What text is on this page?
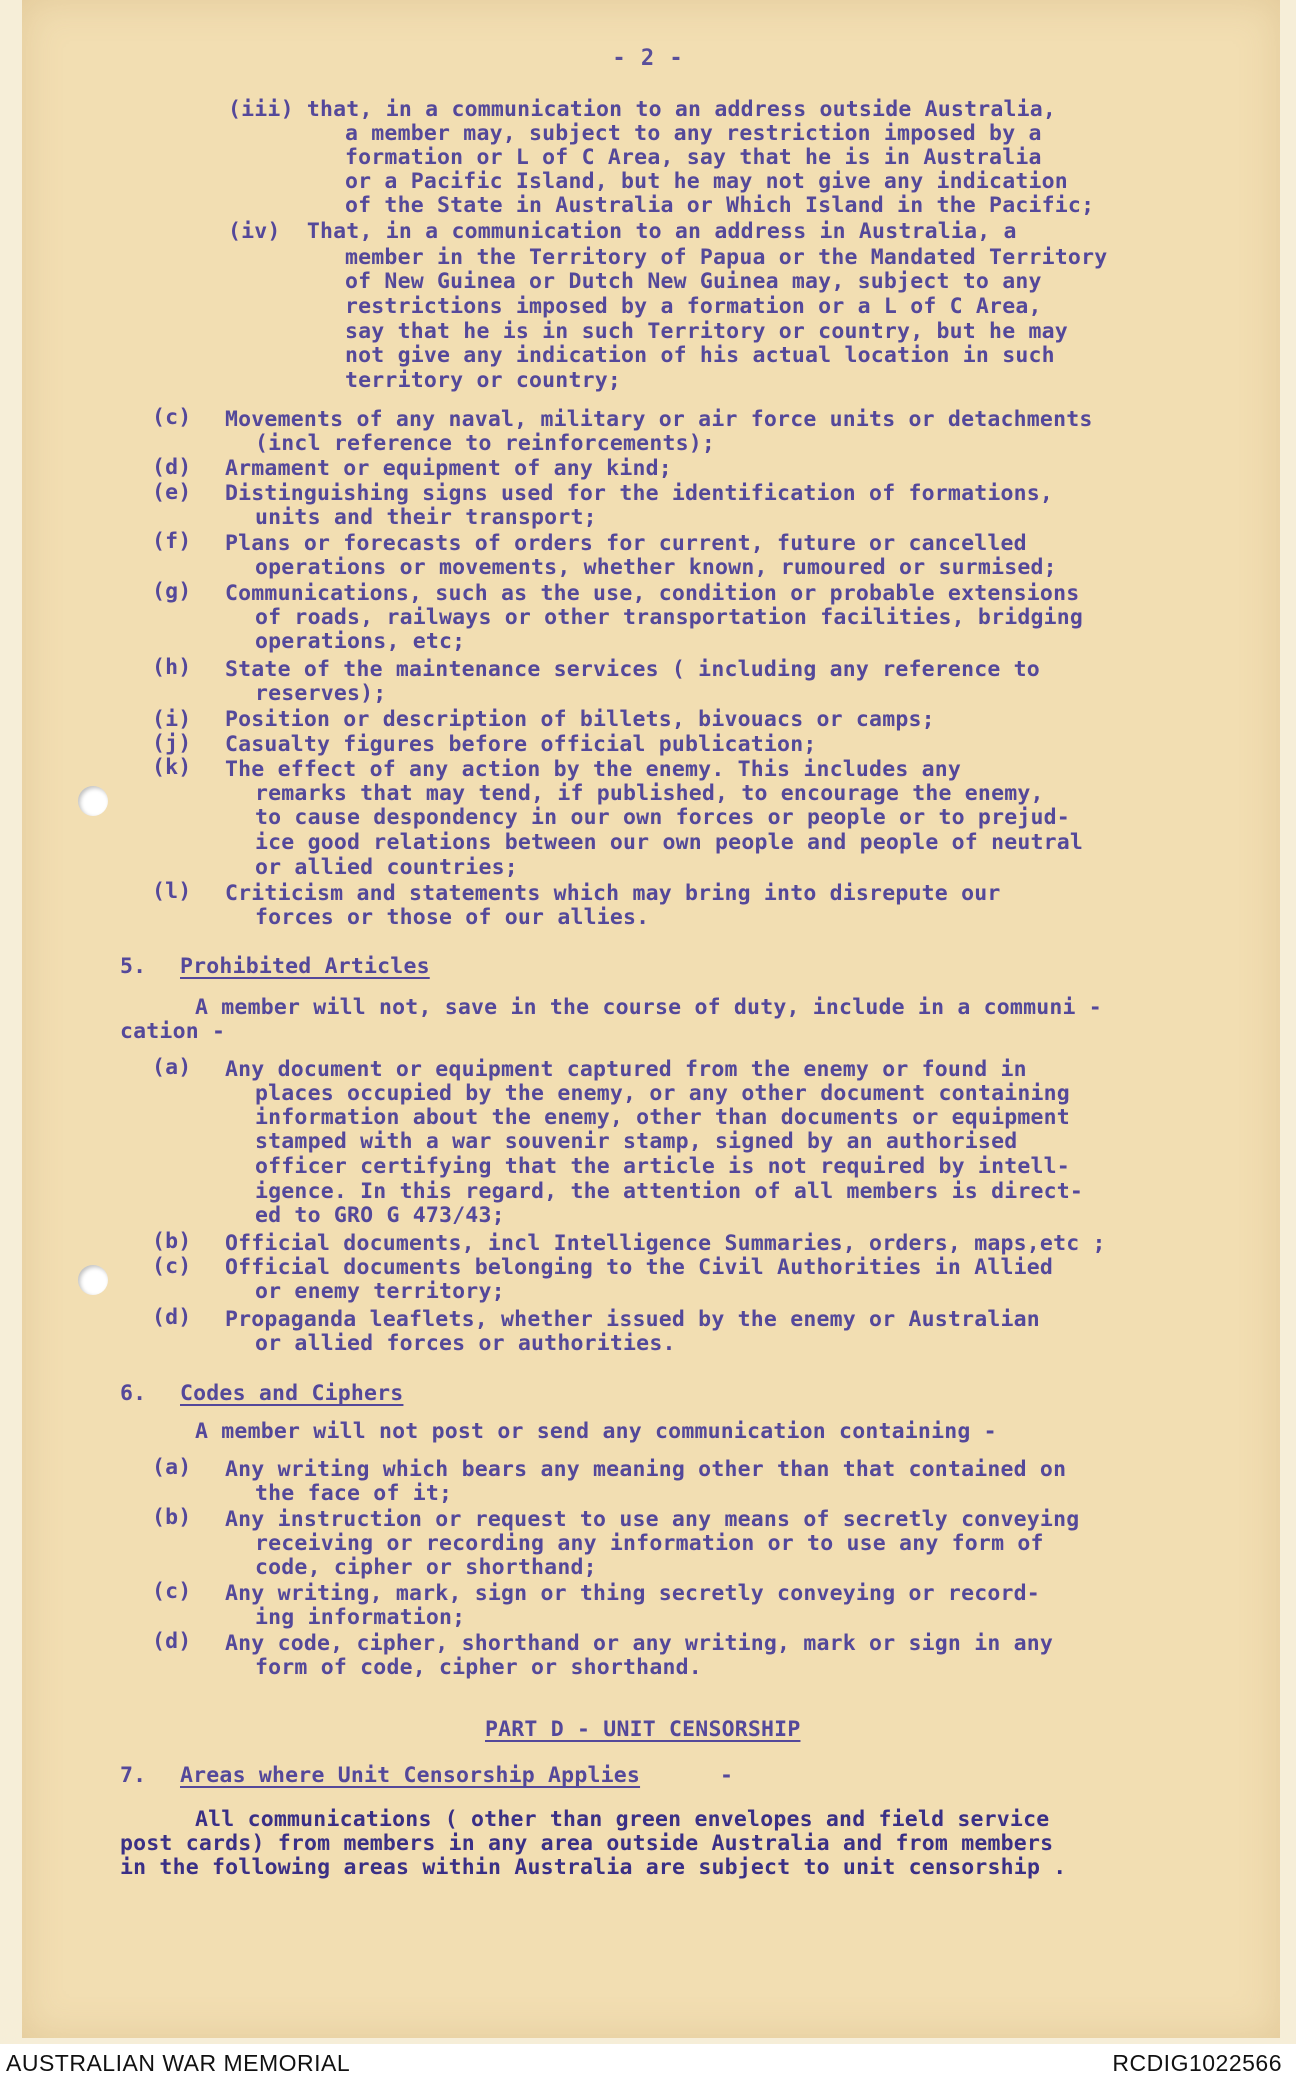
- 2 -
(iii) that, in a communication to an address outside Australia,
a member may, subject to any restriction imposed by a
formation or L of C Area, say that he is in Australia
or a Pacific Island, but he may not give any indication
of the State in Australia or Which Island in the Pacific;
(iv)  That, in a communication to an address in Australia, a
member in the Territory of Papua or the Mandated Territory
of New Guinea or Dutch New Guinea may, subject to any
restrictions imposed by a formation or a L of C Area,
say that he is in such Territory or country, but he may
not give any indication of his actual location in such
territory or country;
(c) Movements of any naval, military or air force units or detachments
(incl reference to reinforcements);
(d) Armament or equipment of any kind;
(e) Distinguishing signs used for the identification of formations,
units and their transport;
(f) Plans or forecasts of orders for current, future or cancelled
operations or movements, whether known, rumoured or surmised;
(g) Communications, such as the use, condition or probable extensions
of roads, railways or other transportation facilities, bridging
operations, etc;
(h) State of the maintenance services ( including any reference to
reserves);
(i) Position or description of billets, bivouacs or camps;
(j) Casualty figures before official publication;
(k) The effect of any action by the enemy. This includes any
remarks that may tend, if published, to encourage the enemy,
to cause despondency in our own forces or people or to prejud-
ice good relations between our own people and people of neutral
or allied countries;
(l) Criticism and statements which may bring into disrepute our
forces or those of our allies.
5. Prohibited Articles
A member will not, save in the course of duty, include in a communi -
cation -
(a) Any document or equipment captured from the enemy or found in
places occupied by the enemy, or any other document containing
information about the enemy, other than documents or equipment
stamped with a war souvenir stamp, signed by an authorised
officer certifying that the article is not required by intell-
igence. In this regard, the attention of all members is direct-
ed to GRO G 473/43;
(b) Official documents, incl Intelligence Summaries, orders, maps,etc ;
(c) Official documents belonging to the Civil Authorities in Allied
or enemy territory;
(d) Propaganda leaflets, whether issued by the enemy or Australian
or allied forces or authorities.
6. Codes and Ciphers
A member will not post or send any communication containing -
(a) Any writing which bears any meaning other than that contained on
the face of it;
(b) Any instruction or request to use any means of secretly conveying
receiving or recording any information or to use any form of
code, cipher or shorthand;
(c) Any writing, mark, sign or thing secretly conveying or record-
ing information;
(d) Any code, cipher, shorthand or any writing, mark or sign in any
form of code, cipher or shorthand.
PART D - UNIT CENSORSHIP
7. Areas where Unit Censorship Applies	-
All communications ( other than green envelopes and field service
post cards) from members in any area outside Australia and from members
in the following areas within Australia are subject to unit censorship .
AUSTRALIAN WAR MEMORIAL	RCDIG1022566
